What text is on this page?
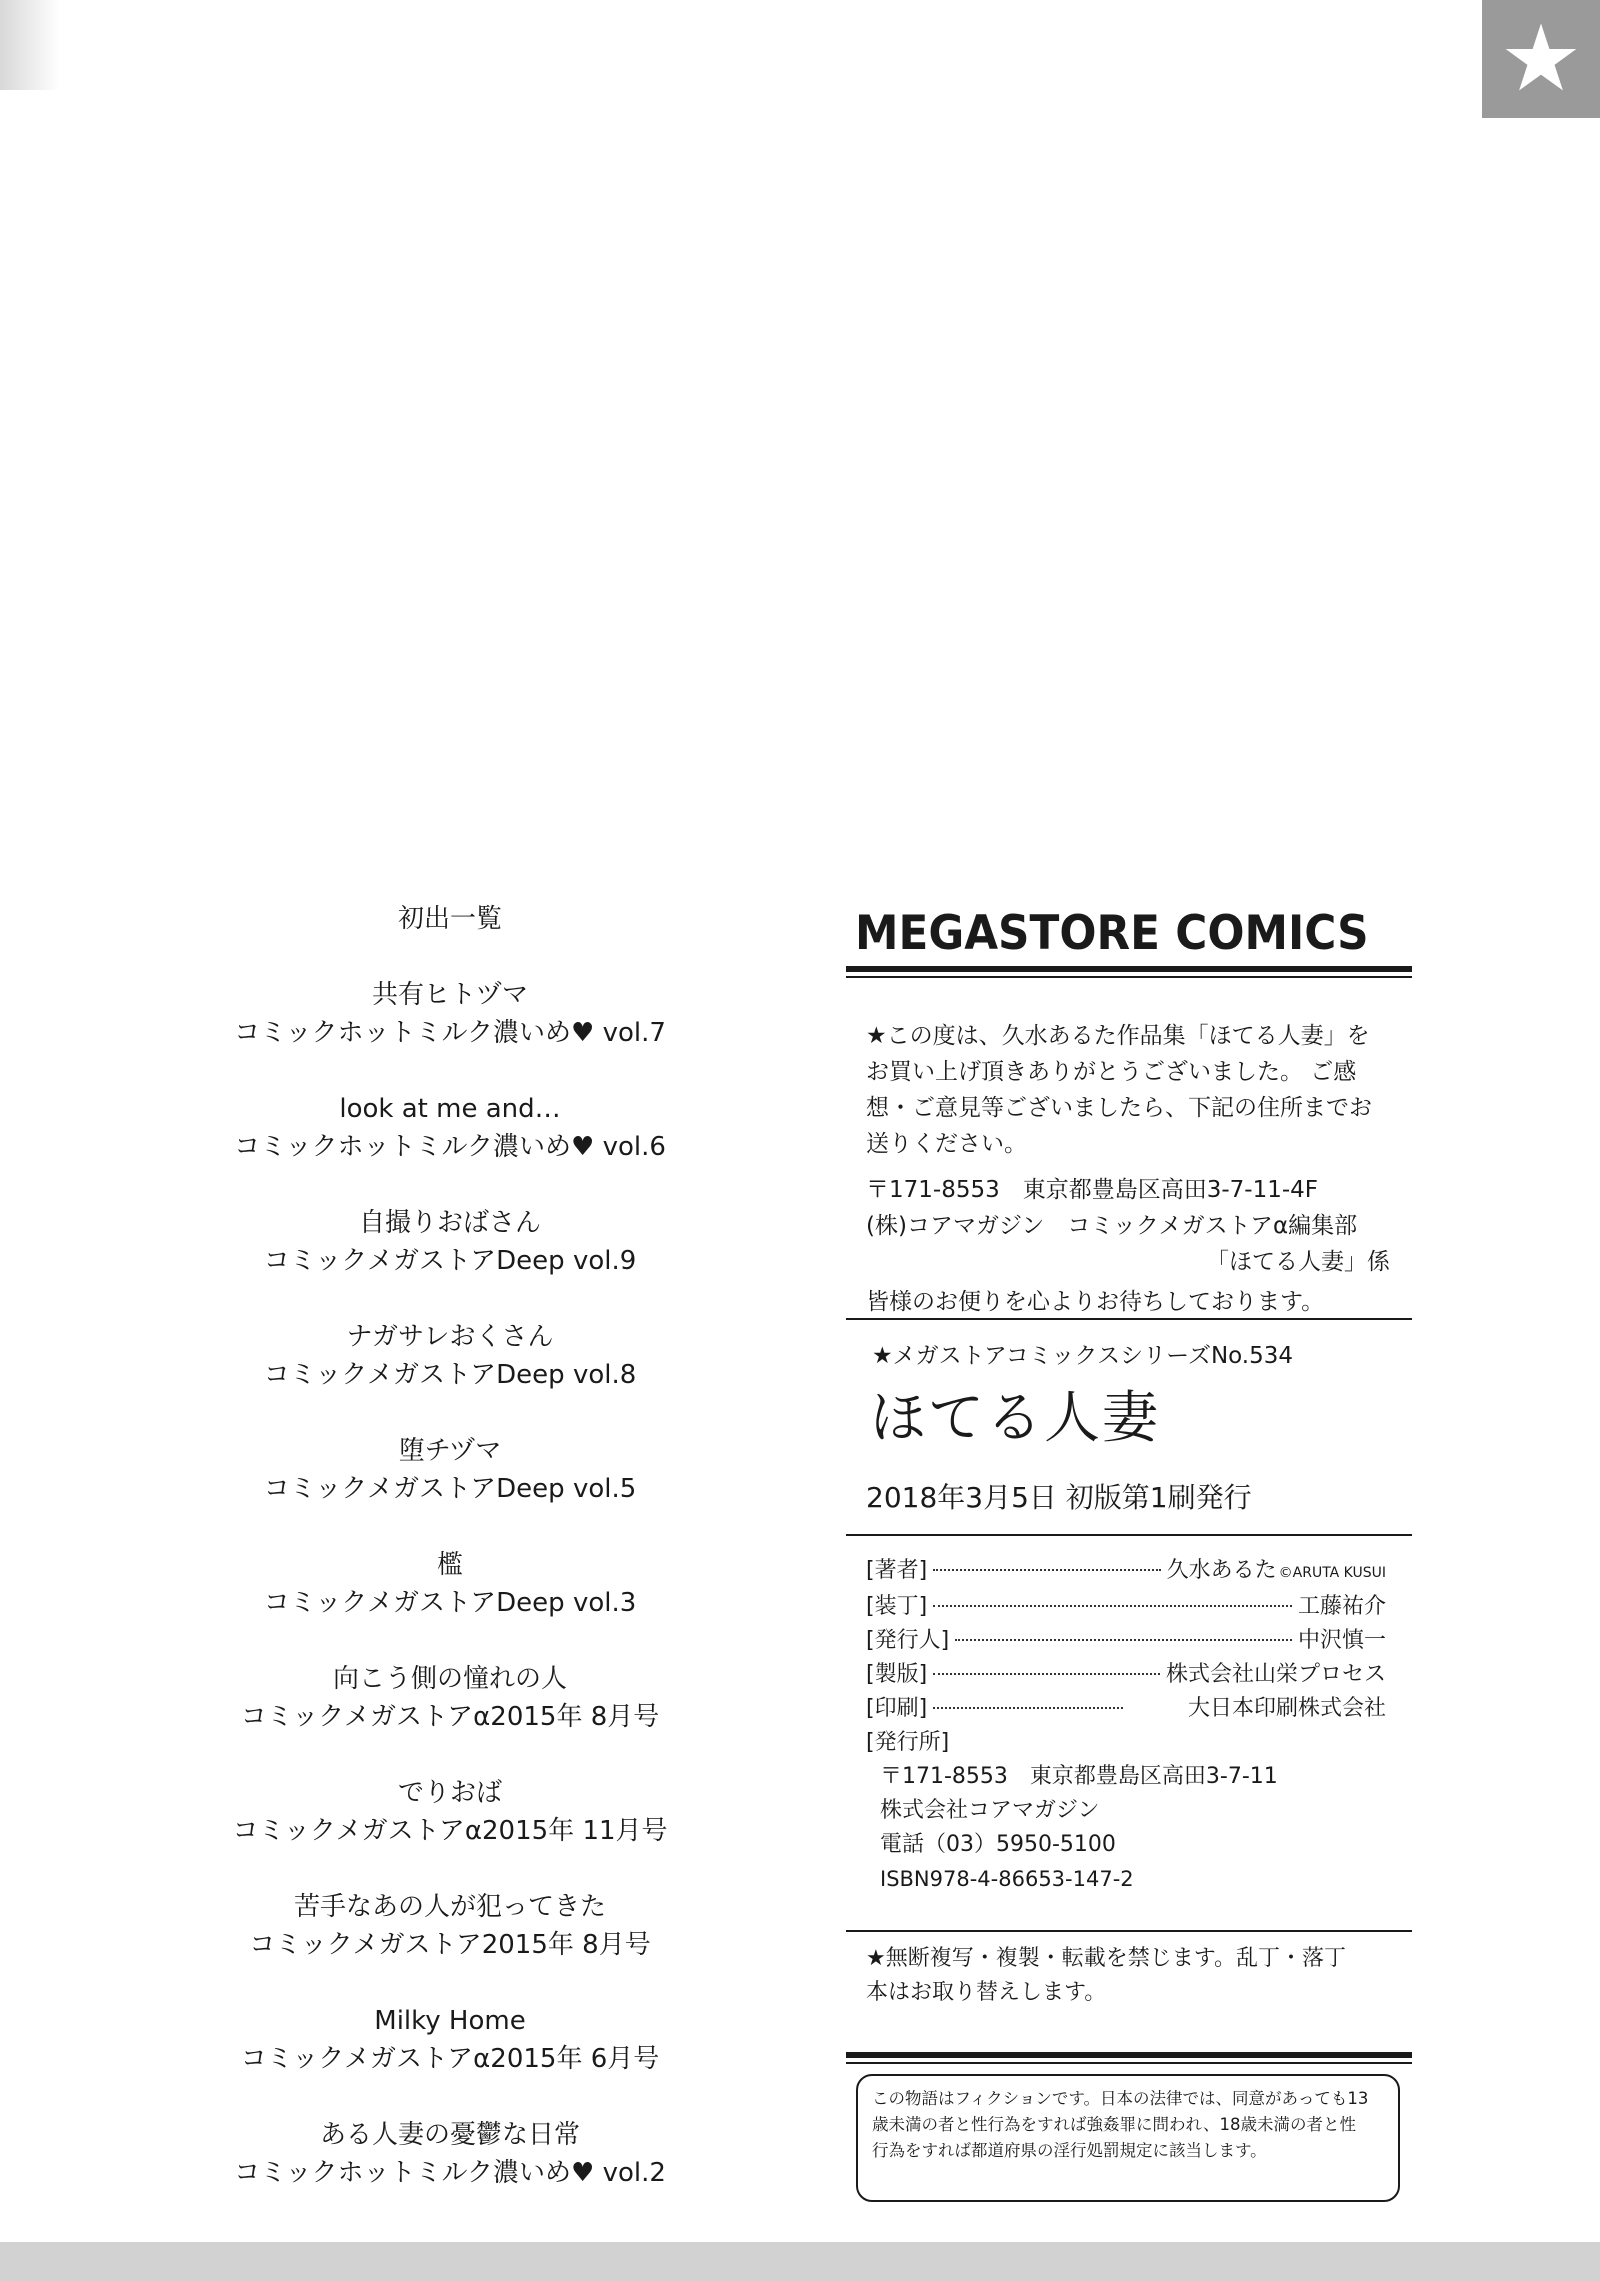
★
初出一覧
共有ヒトヅマ
コミックホットミルク濃いめ♥ vol.7
look at me and…
コミックホットミルク濃いめ♥ vol.6
自撮りおばさん
コミックメガストアDeep vol.9
ナガサレおくさん
コミックメガストアDeep vol.8
堕チヅマ
コミックメガストアDeep vol.5
檻
コミックメガストアDeep vol.3
向こう側の憧れの人
コミックメガストアα2015年 8月号
でりおば
コミックメガストアα2015年 11月号
苦手なあの人が犯ってきた
コミックメガストア2015年 8月号
Milky Home
コミックメガストアα2015年 6月号
ある人妻の憂鬱な日常
コミックホットミルク濃いめ♥ vol.2
MEGASTORE COMICS
★この度は、久水あるた作品集「ほてる人妻」を
お買い上げ頂きありがとうございました。 ご感
想・ご意見等ございましたら、下記の住所までお
送りください。
〒171-8553　東京都豊島区高田3-7-11-4F
(株)コアマガジン　コミックメガストアα編集部
「ほてる人妻」係
皆様のお便りを心よりお待ちしております。
★メガストアコミックスシリーズNo.534
ほてる人妻
2018年3月5日 初版第1刷発行
[著者]	久水あるた ©ARUTA KUSUI
[装丁]	工藤祐介
[発行人]	中沢慎一
[製版]	株式会社山栄プロセス
[印刷]	大日本印刷株式会社
[発行所]
〒171-8553　東京都豊島区高田3-7-11
株式会社コアマガジン
電話（03）5950-5100
ISBN978-4-86653-147-2
★無断複写・複製・転載を禁じます。乱丁・落丁
本はお取り替えします。
この物語はフィクションです。日本の法律では、同意があっても13
歳未満の者と性行為をすれば強姦罪に問われ、18歳未満の者と性
行為をすれば都道府県の淫行処罰規定に該当します。
